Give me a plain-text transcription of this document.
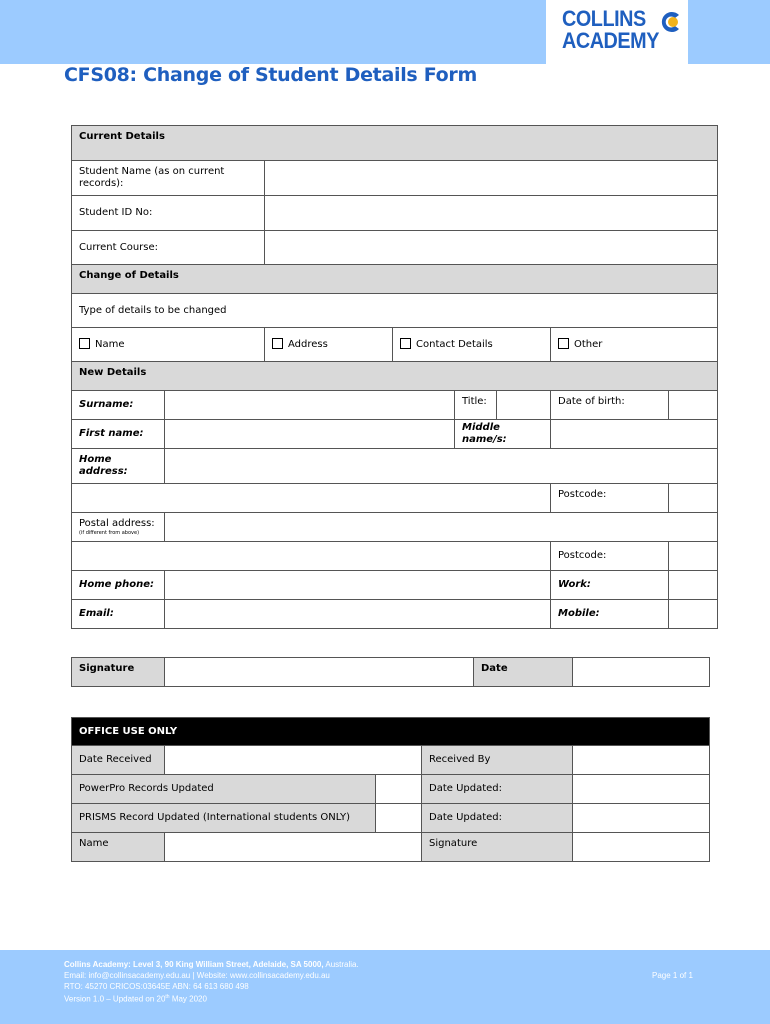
COLLINS
ACADEMY
CFS08: Change of Student Details Form
Current Details							
Student Name (as on current records):							
Student ID No:							
Current Course:							
Change of Details							
Type of details to be changed							
Name		Address	Contact Details			Other	
New Details							
Surname:				Title:		Date of birth:	
First name:				Middle name/s:			
Home address:							
						Postcode:	
Postal address:
(if different from above)							

						Postcode:	
Home phone:						Work:	
Email:						Mobile:	
Signature		Date	
OFFICE USE ONLY				
Date Received			Received By	
PowerPro Records Updated			Date Updated:	
PRISMS Record Updated (International students ONLY)			Date Updated:	
Name			Signature	
Collins Academy: Level 3, 90 King William Street, Adelaide, SA 5000, Australia.
Email: info@collinsacademy.edu.au | Website: www.collinsacademy.edu.au
RTO: 45270 CRICOS:03645E ABN: 64 613 680 498
Version 1.0 – Updated on 20th May 2020
Page 1 of 1
